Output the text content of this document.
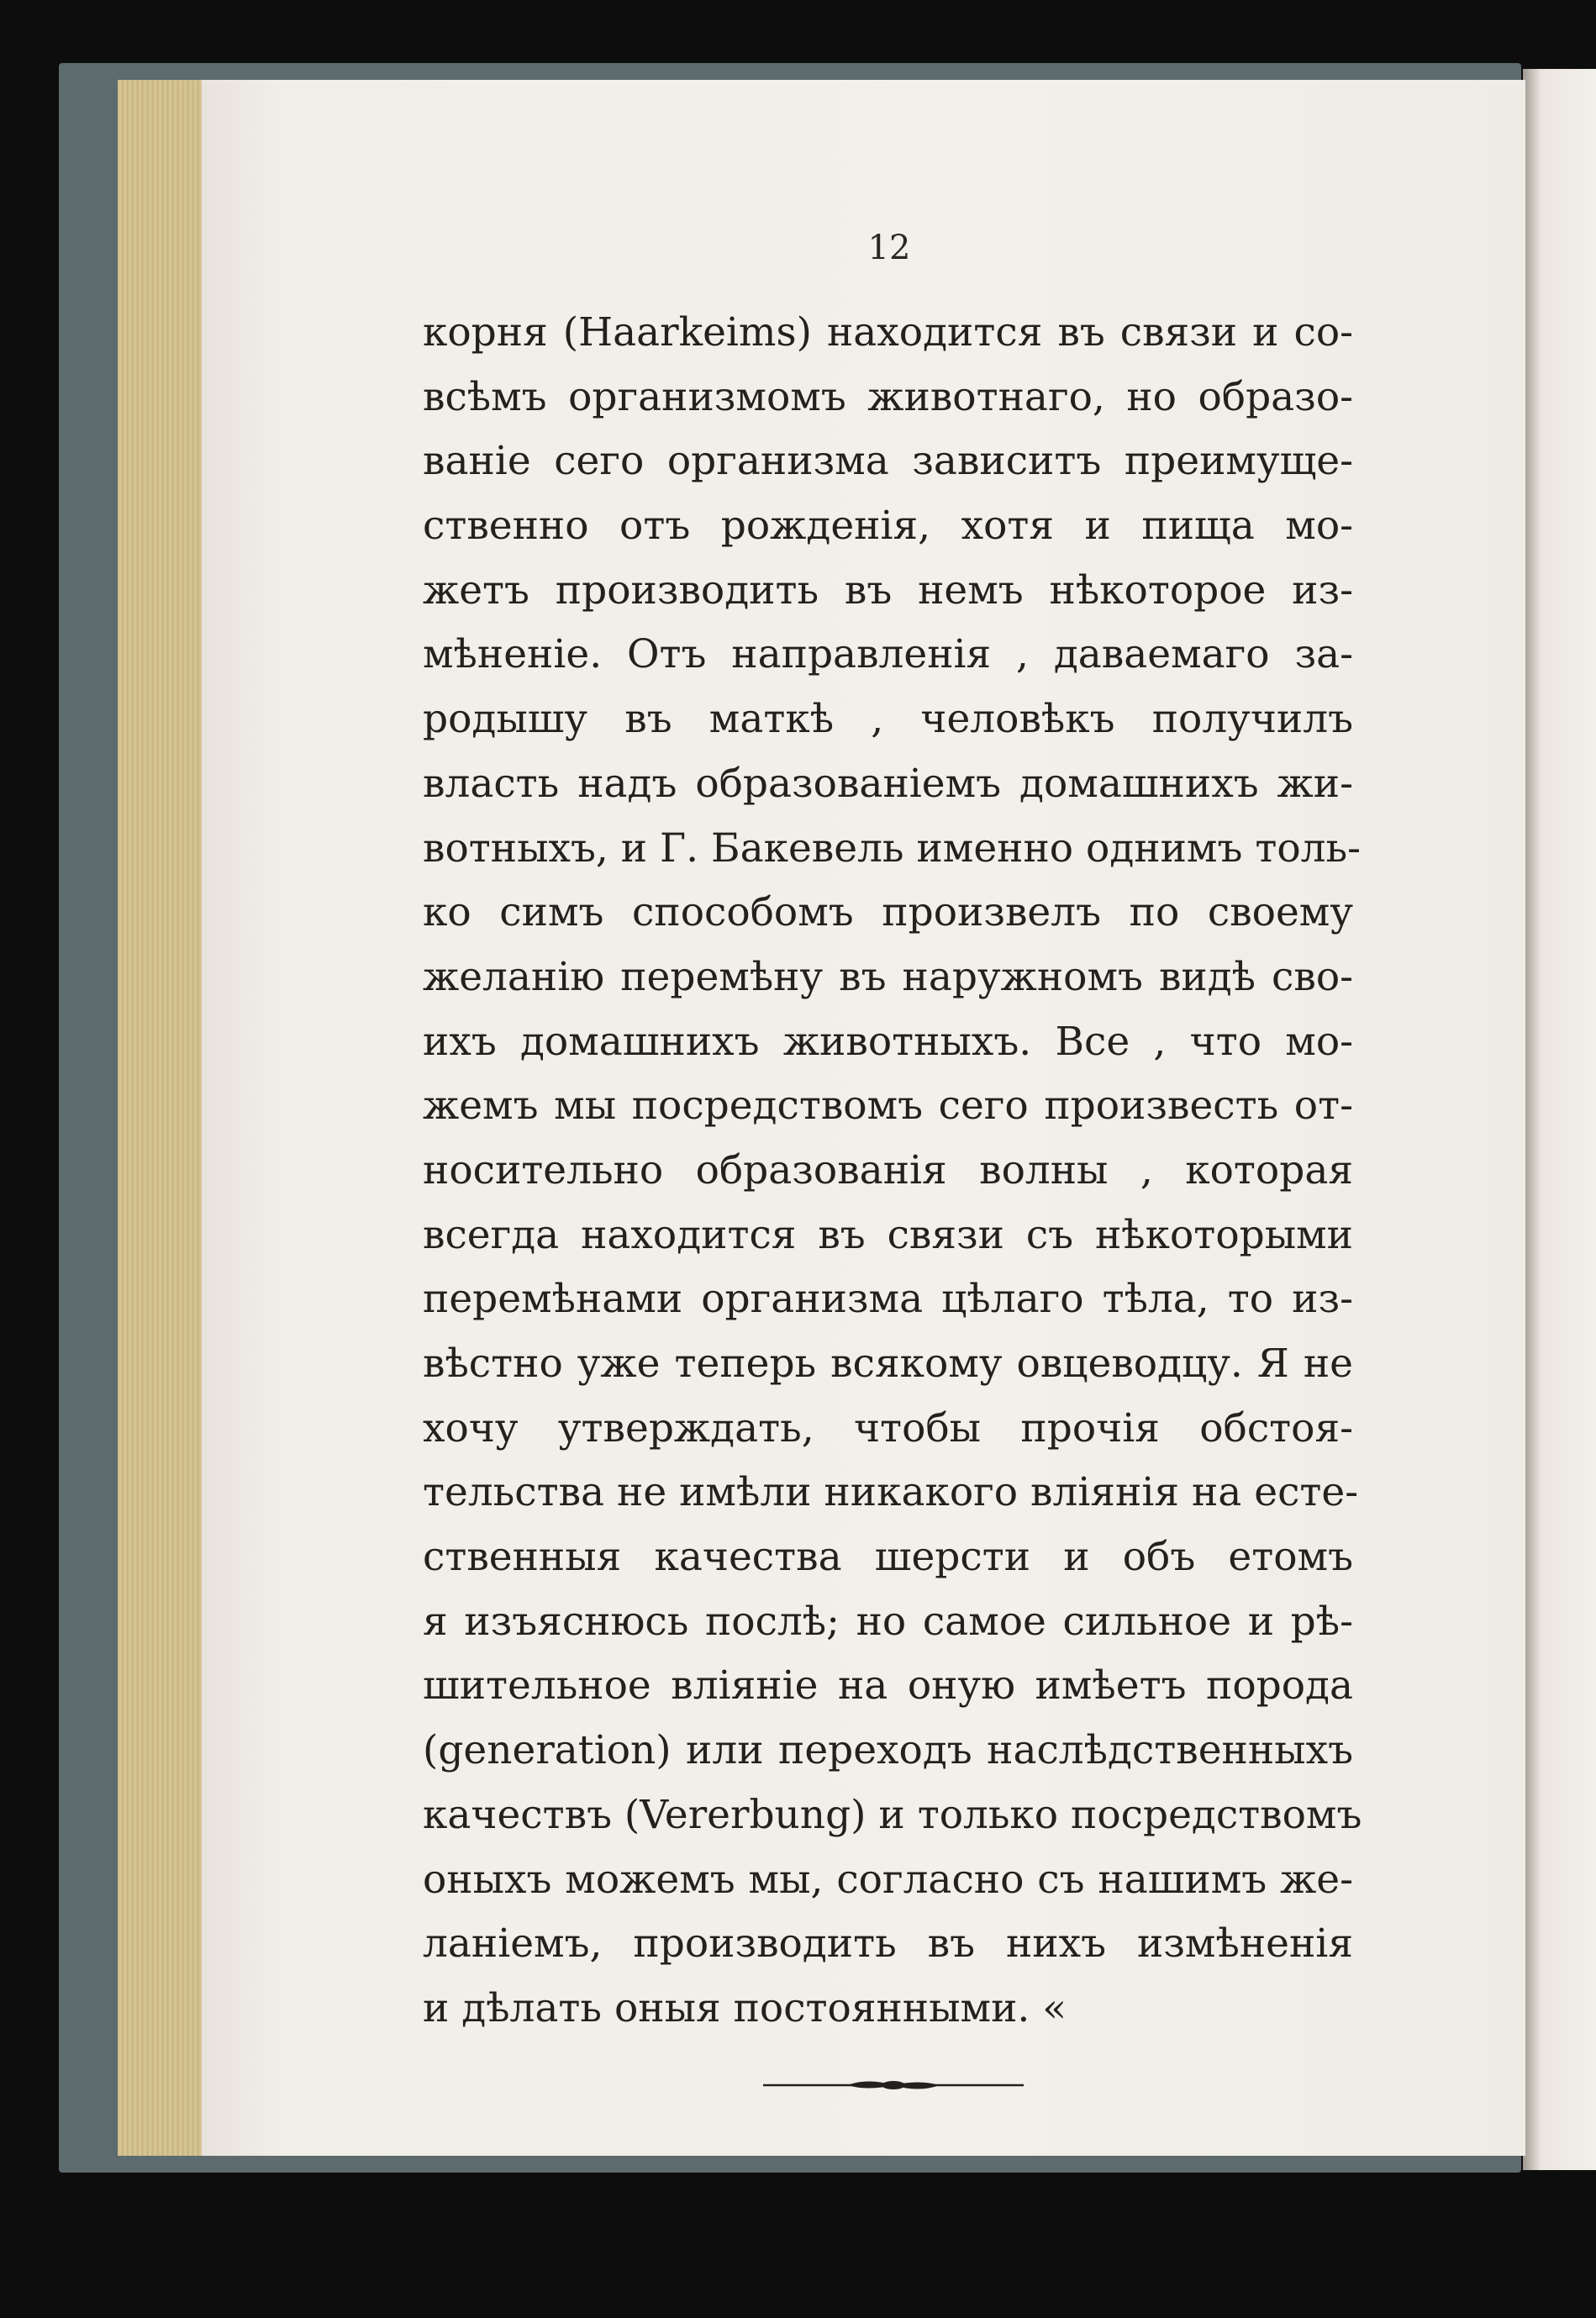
12
корня (Haarkeims) находится въ связи и со-
всѣмъ организмомъ животнаго, но образо-
ваніе сего организма зависитъ преимуще-
ственно отъ рожденія, хотя и пища мо-
жетъ производить въ немъ нѣкоторое из-
мѣненіе. Отъ направленія , даваемаго за-
родышу въ маткѣ , человѣкъ получилъ
власть надъ образованіемъ домашнихъ жи-
вотныхъ, и Г. Бакевель именно однимъ толь-
ко симъ способомъ произвелъ по своему
желанію перемѣну въ наружномъ видѣ сво-
ихъ домашнихъ животныхъ. Все , что мо-
жемъ мы посредствомъ сего произвесть от-
носительно образованія волны , которая
всегда находится въ связи съ нѣкоторыми
перемѣнами организма цѣлаго тѣла, то из-
вѣстно уже теперь всякому овцеводцу. Я не
хочу утверждать, чтобы прочія обстоя-
тельства не имѣли никакого вліянія на есте-
ственныя качества шерсти и объ етомъ
я изъяснюсь послѣ; но самое сильное и рѣ-
шительное вліяніе на оную имѣетъ порода
(generation) или переходъ наслѣдственныхъ
качествъ (Vererbung) и только посредствомъ
оныхъ можемъ мы, согласно съ нашимъ же-
ланіемъ, производить въ нихъ измѣненія
и дѣлать оныя постоянными. «
